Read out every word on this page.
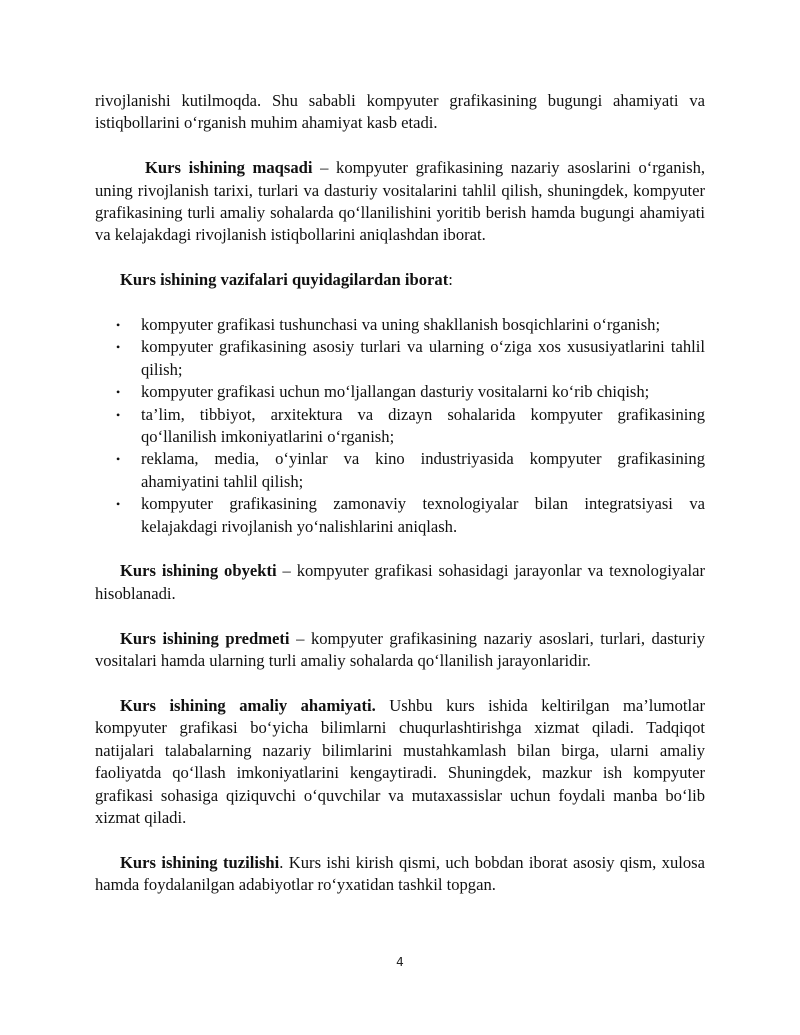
rivojlanishi kutilmoqda. Shu sababli kompyuter grafikasining bugungi ahamiyati va istiqbollarini o‘rganish muhim ahamiyat kasb etadi.

Kurs ishining maqsadi – kompyuter grafikasining nazariy asoslarini o‘rganish, uning rivojlanish tarixi, turlari va dasturiy vositalarini tahlil qilish, shuningdek, kompyuter grafikasining turli amaliy sohalarda qo‘llanilishini yoritib berish hamda bugungi ahamiyati va kelajakdagi rivojlanish istiqbollarini aniqlashdan iborat.

Kurs ishining vazifalari quyidagilardan iborat:

• kompyuter grafikasi tushunchasi va uning shakllanish bosqichlarini o‘rganish;
• kompyuter grafikasining asosiy turlari va ularning o‘ziga xos xususiyatlarini tahlil qilish;
• kompyuter grafikasi uchun mo‘ljallangan dasturiy vositalarni ko‘rib chiqish;
• ta’lim, tibbiyot, arxitektura va dizayn sohalarida kompyuter grafikasining qo‘llanilish imkoniyatlarini o‘rganish;
• reklama, media, o‘yinlar va kino industriyasida kompyuter grafikasining ahamiyatini tahlil qilish;
• kompyuter grafikasining zamonaviy texnologiyalar bilan integratsiyasi va kelajakdagi rivojlanish yo‘nalishlarini aniqlash.

Kurs ishining obyekti – kompyuter grafikasi sohasidagi jarayonlar va texnologiyalar hisoblanadi.

Kurs ishining predmeti – kompyuter grafikasining nazariy asoslari, turlari, dasturiy vositalari hamda ularning turli amaliy sohalarda qo‘llanilish jarayonlaridir.

Kurs ishining amaliy ahamiyati. Ushbu kurs ishida keltirilgan ma’lumotlar kompyuter grafikasi bo‘yicha bilimlarni chuqurlashtirishga xizmat qiladi. Tadqiqot natijalari talabalarning nazariy bilimlarini mustahkamlash bilan birga, ularni amaliy faoliyatda qo‘llash imkoniyatlarini kengaytiradi. Shuningdek, mazkur ish kompyuter grafikasi sohasiga qiziquvchi o‘quvchilar va mutaxassislar uchun foydali manba bo‘lib xizmat qiladi.

Kurs ishining tuzilishi. Kurs ishi kirish qismi, uch bobdan iborat asosiy qism, xulosa hamda foydalanilgan adabiyotlar ro‘yxatidan tashkil topgan.

4
